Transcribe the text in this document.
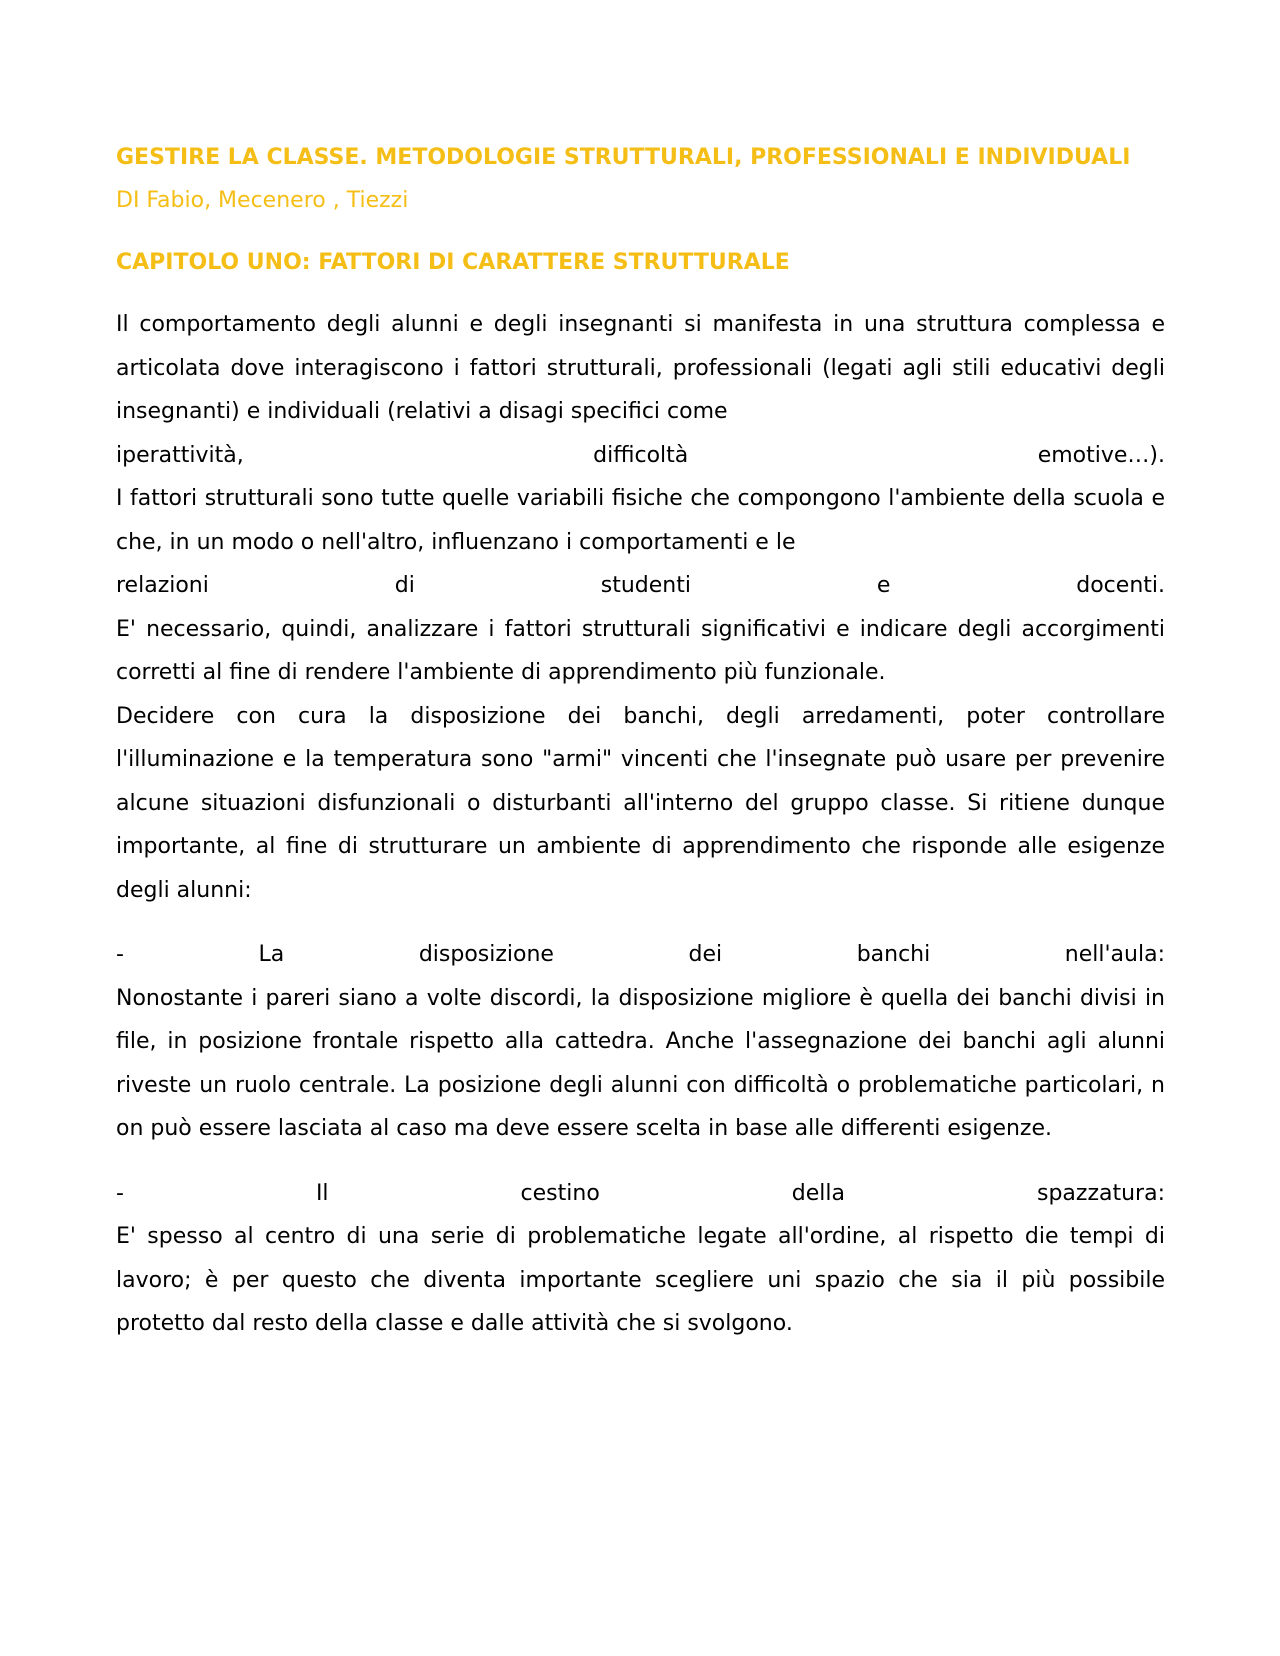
GESTIRE LA CLASSE. METODOLOGIE STRUTTURALI, PROFESSIONALI E INDIVIDUALI

DI Fabio, Mecenero , Tiezzi

CAPITOLO UNO: FATTORI DI CARATTERE STRUTTURALE

Il comportamento degli alunni e degli insegnanti si manifesta in una struttura complessa e articolata dove interagiscono i fattori strutturali, professionali (legati agli stili educativi degli insegnanti) e individuali (relativi a disagi specifici come

iperattività, difficoltà emotive…).

I fattori strutturali sono tutte quelle variabili fisiche che compongono l'ambiente della scuola e che, in un modo o nell'altro, influenzano i comportamenti e le

relazioni di studenti e docenti.

E' necessario, quindi, analizzare i fattori strutturali significativi e indicare degli accorgimenti corretti al fine di rendere l'ambiente di apprendimento più funzionale.

Decidere con cura la disposizione dei banchi, degli arredamenti, poter controllare l'illuminazione e la temperatura sono "armi" vincenti che l'insegnate può usare per prevenire alcune situazioni disfunzionali o disturbanti all'interno del gruppo classe. Si ritiene dunque importante, al fine di strutturare un ambiente di apprendimento che risponde alle esigenze degli alunni:

- La disposizione dei banchi nell'aula:

Nonostante i pareri siano a volte discordi, la disposizione migliore è quella dei banchi divisi in file, in posizione frontale rispetto alla cattedra. Anche l'assegnazione dei banchi agli alunni riveste un ruolo centrale. La posizione degli alunni con difficoltà o problematiche particolari, n on può essere lasciata al caso ma deve essere scelta in base alle differenti esigenze.

- Il cestino della spazzatura:

E' spesso al centro di una serie di problematiche legate all'ordine, al rispetto die tempi di lavoro; è per questo che diventa importante scegliere uni spazio che sia il più possibile protetto dal resto della classe e dalle attività che si svolgono.
